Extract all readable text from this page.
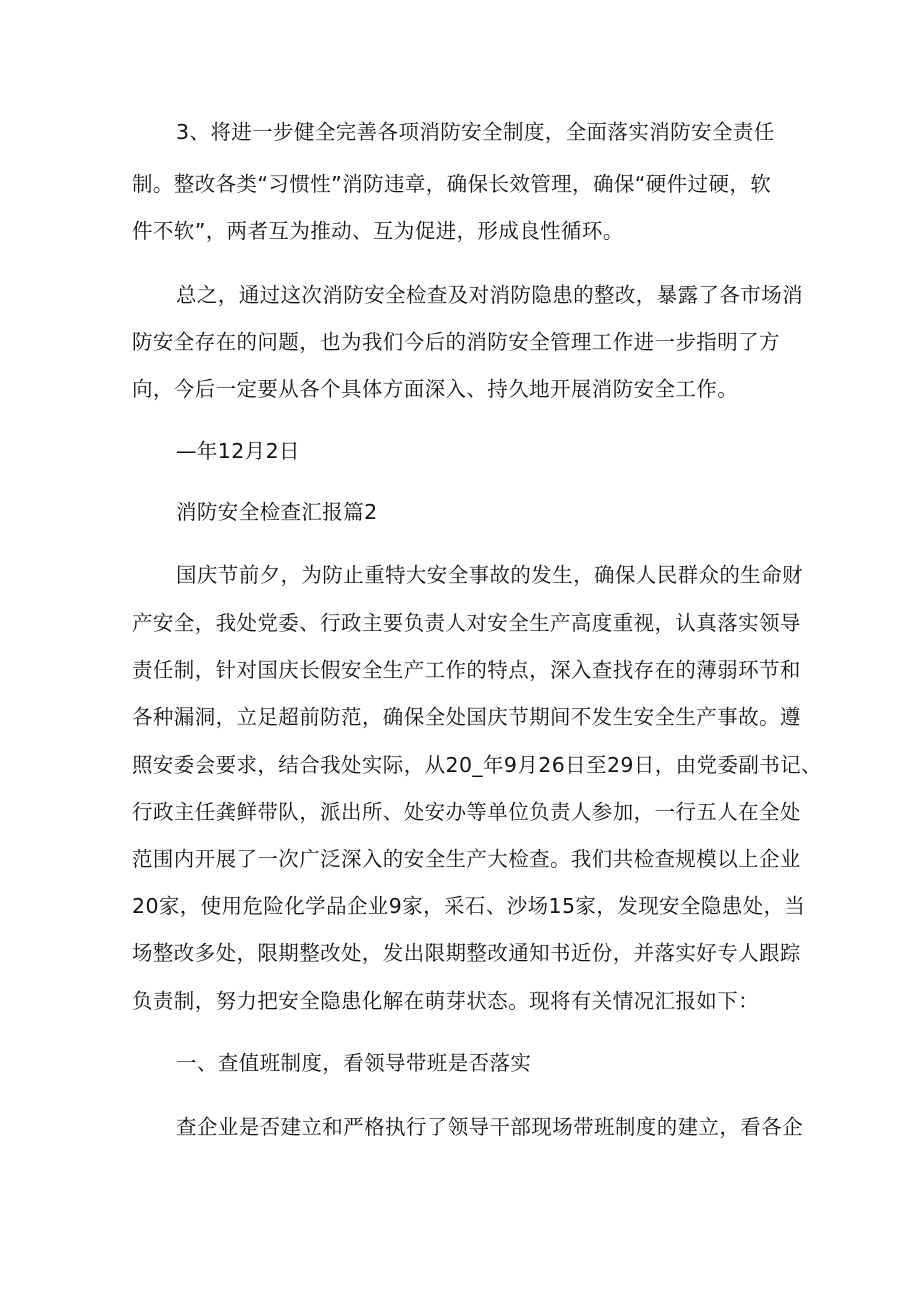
3、将进一步健全完善各项消防安全制度，全面落实消防安全责任
制。整改各类“习惯性”消防违章，确保长效管理，确保“硬件过硬，软
件不软”，两者互为推动、互为促进，形成良性循环。
总之，通过这次消防安全检查及对消防隐患的整改，暴露了各市场消
防安全存在的问题，也为我们今后的消防安全管理工作进一步指明了方
向，今后一定要从各个具体方面深入、持久地开展消防安全工作。
—年12月2日
消防安全检查汇报篇2
国庆节前夕，为防止重特大安全事故的发生，确保人民群众的生命财
产安全，我处党委、行政主要负责人对安全生产高度重视，认真落实领导
责任制，针对国庆长假安全生产工作的特点，深入查找存在的薄弱环节和
各种漏洞，立足超前防范，确保全处国庆节期间不发生安全生产事故。遵
照安委会要求，结合我处实际，从20_年9月26日至29日，由党委副书记、
行政主任龚鲜带队，派出所、处安办等单位负责人参加，一行五人在全处
范围内开展了一次广泛深入的安全生产大检查。我们共检查规模以上企业
20家，使用危险化学品企业9家，采石、沙场15家，发现安全隐患处，当
场整改多处，限期整改处，发出限期整改通知书近份，并落实好专人跟踪
负责制，努力把安全隐患化解在萌芽状态。现将有关情况汇报如下：
一、查值班制度，看领导带班是否落实
查企业是否建立和严格执行了领导干部现场带班制度的建立，看各企
